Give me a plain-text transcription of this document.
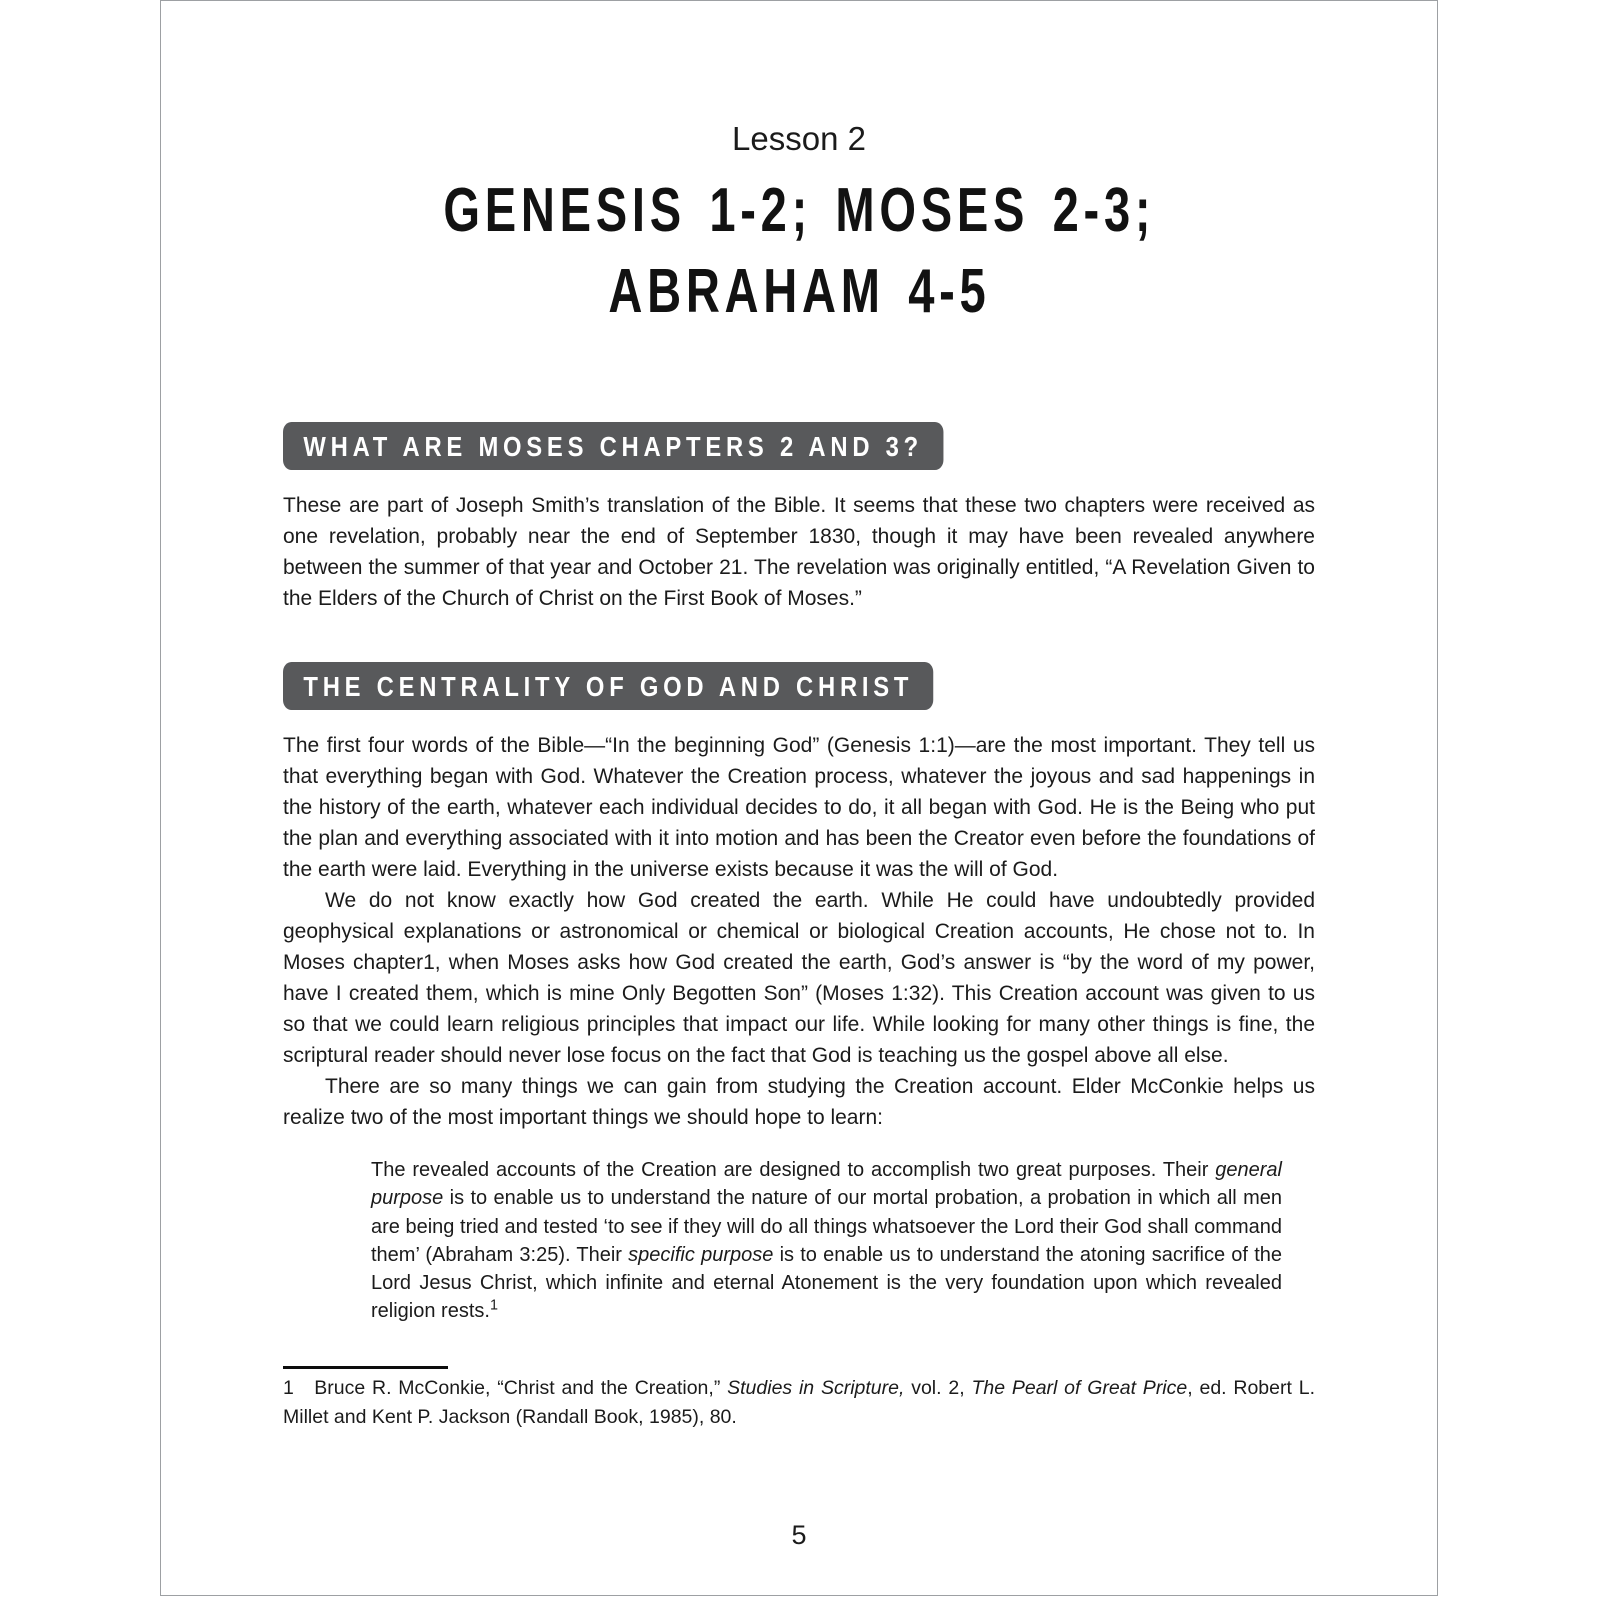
Lesson 2
GENESIS 1-2; MOSES 2-3;
ABRAHAM 4-5
WHAT ARE MOSES CHAPTERS 2 AND 3?

These are part of Joseph Smith’s translation of the Bible. It seems that these two chapters were received as one revelation, probably near the end of September 1830, though it may have been revealed anywhere between the summer of that year and October 21. The revelation was originally entitled, “A Revelation Given to the Elders of the Church of Christ on the First Book of Moses.”

THE CENTRALITY OF GOD AND CHRIST

The first four words of the Bible—“In the beginning God” (Genesis 1:1)—are the most important. They tell us that everything began with God. Whatever the Creation process, whatever the joyous and sad happenings in the history of the earth, whatever each individual decides to do, it all began with God. He is the Being who put the plan and everything associated with it into motion and has been the Creator even before the foundations of the earth were laid. Everything in the universe exists because it was the will of God.

We do not know exactly how God created the earth. While He could have undoubtedly provided geophysical explanations or astronomical or chemical or biological Creation accounts, He chose not to. In Moses chapter1, when Moses asks how God created the earth, God’s answer is “by the word of my power, have I created them, which is mine Only Begotten Son” (Moses 1:32). This Creation account was given to us so that we could learn religious principles that impact our life. While looking for many other things is fine, the scriptural reader should never lose focus on the fact that God is teaching us the gospel above all else.

There are so many things we can gain from studying the Creation account. Elder McConkie helps us realize two of the most important things we should hope to learn:

The revealed accounts of the Creation are designed to accomplish two great purposes. Their general purpose is to enable us to understand the nature of our mortal probation, a probation in which all men are being tried and tested ‘to see if they will do all things whatsoever the Lord their God shall command them’ (Abraham 3:25). Their specific purpose is to enable us to understand the atoning sacrifice of the Lord Jesus Christ, which infinite and eternal Atonement is the very foundation upon which revealed religion rests.$^1$

1   Bruce R. McConkie, “Christ and the Creation,” Studies in Scripture, vol. 2, The Pearl of Great Price, ed. Robert L. Millet and Kent P. Jackson (Randall Book, 1985), 80.

5
